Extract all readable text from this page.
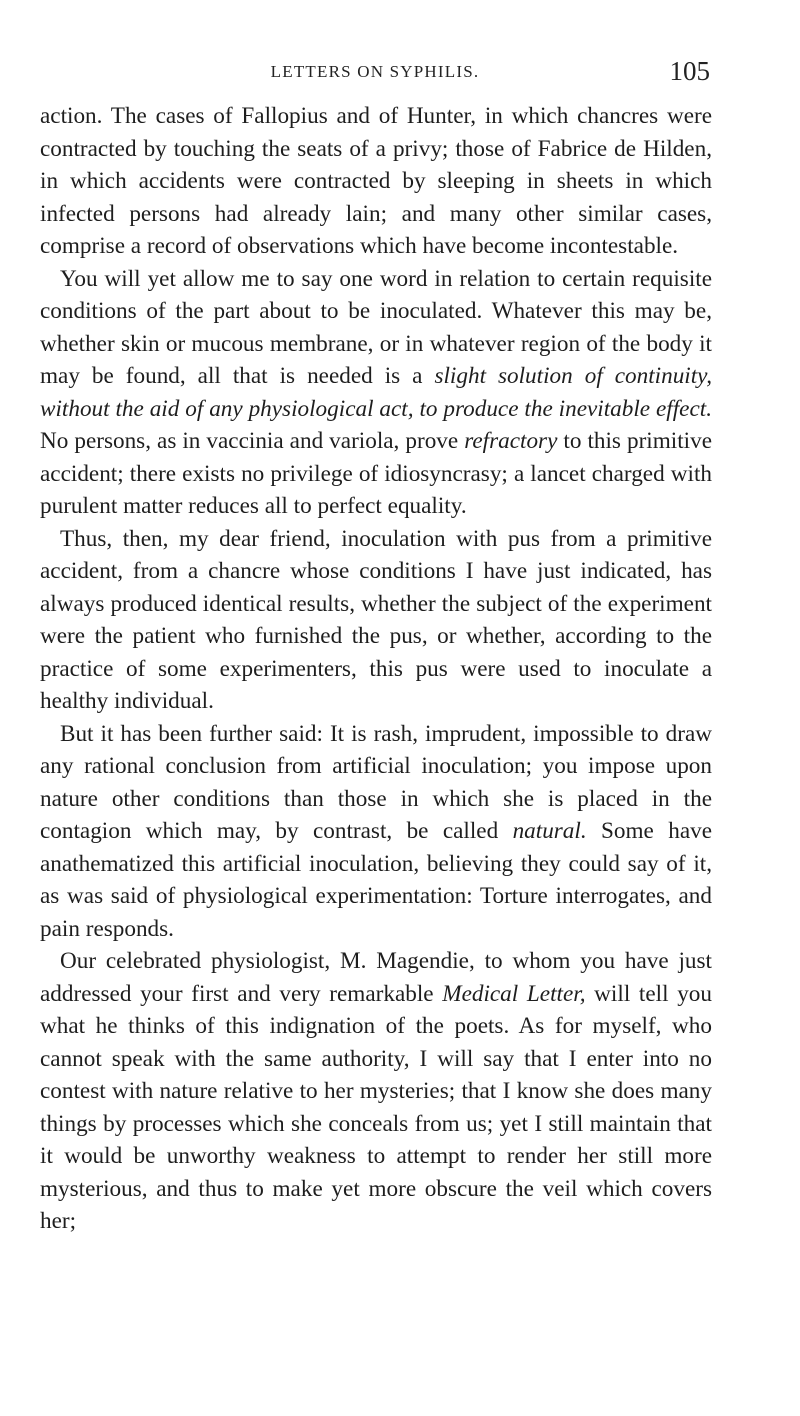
LETTERS ON SYPHILIS.	105

action. The cases of Fallopius and of Hunter, in which chancres were contracted by touching the seats of a privy; those of Fabrice de Hilden, in which accidents were contracted by sleeping in sheets in which infected persons had already lain; and many other similar cases, comprise a record of observations which have become incontestable.

You will yet allow me to say one word in relation to certain requisite conditions of the part about to be inoculated. Whatever this may be, whether skin or mucous membrane, or in whatever region of the body it may be found, all that is needed is a slight solution of continuity, without the aid of any physiological act, to produce the inevitable effect. No persons, as in vaccinia and variola, prove refractory to this primitive accident; there exists no privilege of idiosyncrasy; a lancet charged with purulent matter reduces all to perfect equality.

Thus, then, my dear friend, inoculation with pus from a primitive accident, from a chancre whose conditions I have just indicated, has always produced identical results, whether the subject of the experiment were the patient who furnished the pus, or whether, according to the practice of some experimenters, this pus were used to inoculate a healthy individual.

But it has been further said: It is rash, imprudent, impossible to draw any rational conclusion from artificial inoculation; you impose upon nature other conditions than those in which she is placed in the contagion which may, by contrast, be called natural. Some have anathematized this artificial inoculation, believing they could say of it, as was said of physiological experimentation: Torture interrogates, and pain responds.

Our celebrated physiologist, M. Magendie, to whom you have just addressed your first and very remarkable Medical Letter, will tell you what he thinks of this indignation of the poets. As for myself, who cannot speak with the same authority, I will say that I enter into no contest with nature relative to her mysteries; that I know she does many things by processes which she conceals from us; yet I still maintain that it would be unworthy weakness to attempt to render her still more mysterious, and thus to make yet more obscure the veil which covers her;
